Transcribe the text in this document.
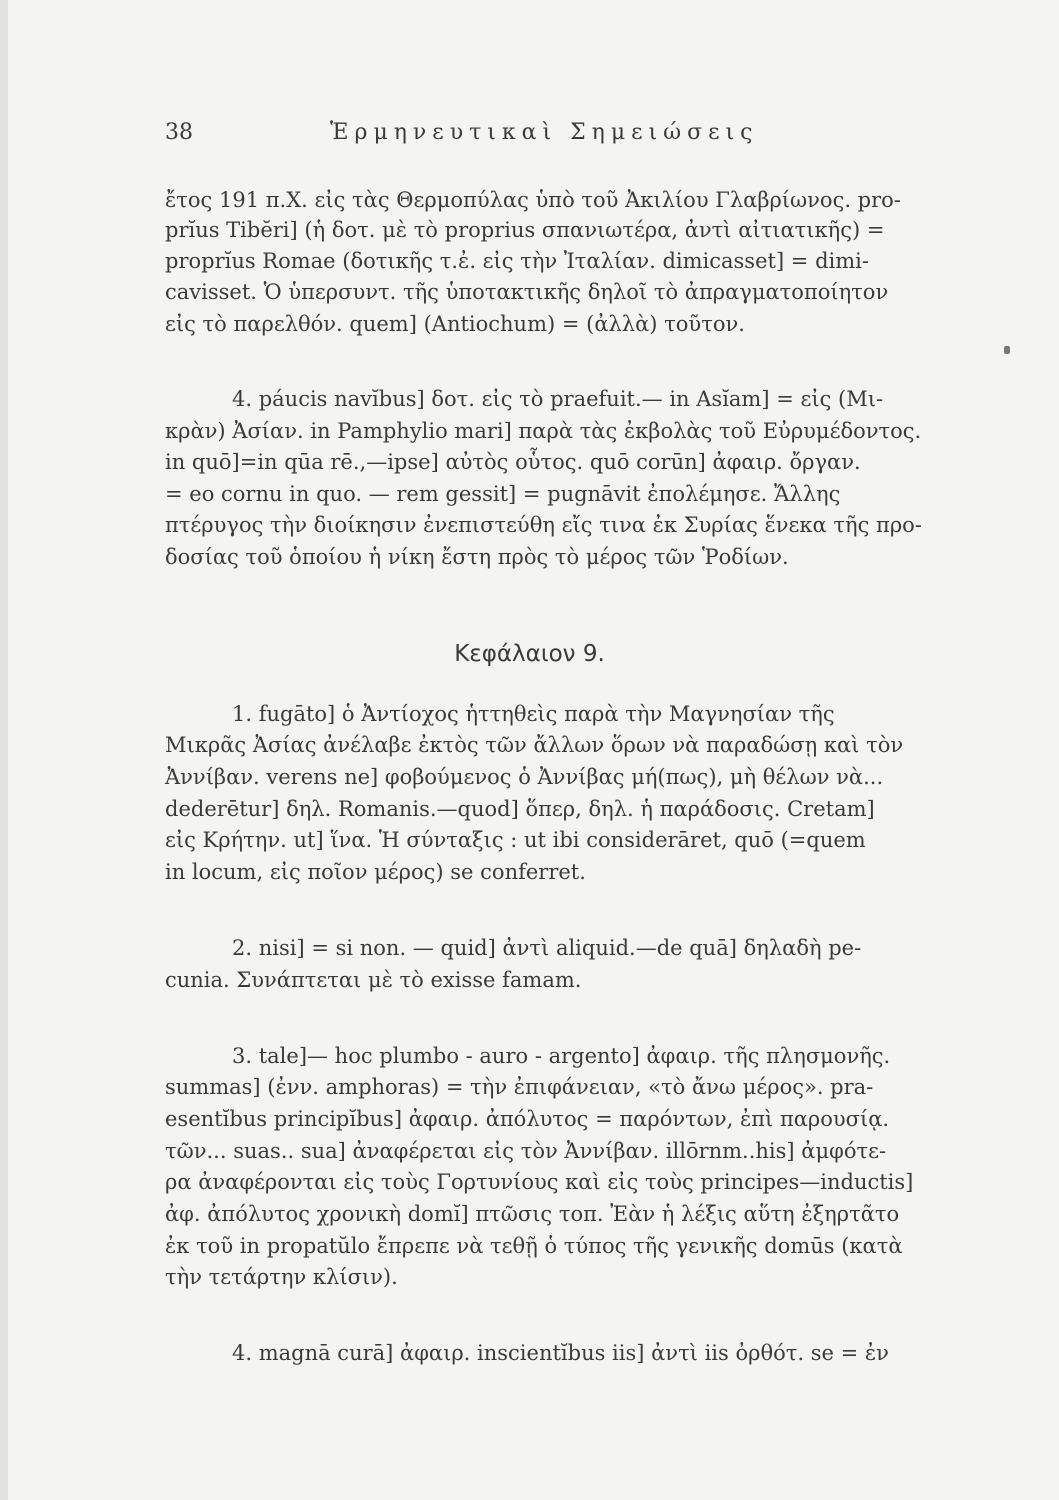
38	Ἑρμηνευτικαὶ Σημειώσεις
ἔτος 191 π.Χ. εἰς τὰς Θερμοπύλας ὑπὸ τοῦ Ἀκιλίου Γλαβρίωνος. pro-
prĭus Tibĕri] (ἡ δοτ. μὲ τὸ proprius σπανιωτέρα, ἀντὶ αἰτιατικῆς) =
proprĭus Romae (δοτικῆς τ.ἐ. εἰς τὴν Ἰταλίαν. dimicasset] = dimi-
cavisset. Ὁ ὑπερσυντ. τῆς ὑποτακτικῆς δηλοῖ τὸ ἀπραγματοποίητον
εἰς τὸ παρελθόν. quem] (Antiochum) = (ἀλλὰ) τοῦτον.
4. páucis navĭbus] δοτ. εἰς τὸ praefuit.— in Asĭam] = εἰς (Μι-
κρὰν) Ἀσίαν. in Pamphylio mari] παρὰ τὰς ἐκβολὰς τοῦ Εὐρυμέδοντος.
in quō]=in qūa rē.,—ipse] αὐτὸς οὗτος. quō corūn] ἀφαιρ. ὄργαν.
= eo cornu in quo. — rem gessit] = pugnāvit ἐπολέμησε. Ἄλλης
πτέρυγος τὴν διοίκησιν ἐνεπιστεύθη εἴς τινα ἐκ Συρίας ἕνεκα τῆς προ-
δοσίας τοῦ ὁποίου ἡ νίκη ἔστη πρὸς τὸ μέρος τῶν Ῥοδίων.
Κεφάλαιον 9.
1. fugāto] ὁ Ἀντίοχος ἡττηθεὶς παρὰ τὴν Μαγνησίαν τῆς
Μικρᾶς Ἀσίας ἀνέλαβε ἐκτὸς τῶν ἄλλων ὅρων νὰ παραδώσῃ καὶ τὸν
Ἀννίβαν. verens ne] φοβούμενος ὁ Ἀννίβας μή(πως), μὴ θέλων νὰ...
dederētur] δηλ. Romanis.—quod] ὅπερ, δηλ. ἡ παράδοσις. Cretam]
εἰς Κρήτην. ut] ἵνα. Ἡ σύνταξις : ut ibi considerāret, quō (=quem
in locum, εἰς ποῖον μέρος) se conferret.
2. nisi] = si non. — quid] ἀντὶ aliquid.—de quā] δηλαδὴ pe-
cunia. Συνάπτεται μὲ τὸ exisse famam.
3. tale]— hoc plumbo - auro - argento] ἀφαιρ. τῆς πλησμονῆς.
summas] (ἐνν. amphoras) = τὴν ἐπιφάνειαν, «τὸ ἄνω μέρος». pra-
esentĭbus principĭbus] ἀφαιρ. ἀπόλυτος = παρόντων, ἐπὶ παρουσίᾳ.
τῶν... suas.. sua] ἀναφέρεται εἰς τὸν Ἀννίβαν. illōrnm..his] ἀμφότε-
ρα ἀναφέρονται εἰς τοὺς Γορτυνίους καὶ εἰς τοὺς principes—inductis]
ἀφ. ἀπόλυτος χρονικὴ domĭ] πτῶσις τοπ. Ἐὰν ἡ λέξις αὕτη ἐξηρτᾶτο
ἐκ τοῦ in propatŭlo ἔπρεπε νὰ τεθῇ ὁ τύπος τῆς γενικῆς domūs (κατὰ
τὴν τετάρτην κλίσιν).
4. magnā curā] ἀφαιρ. inscientĭbus iis] ἀντὶ iis ὀρθότ. se = ἐν
